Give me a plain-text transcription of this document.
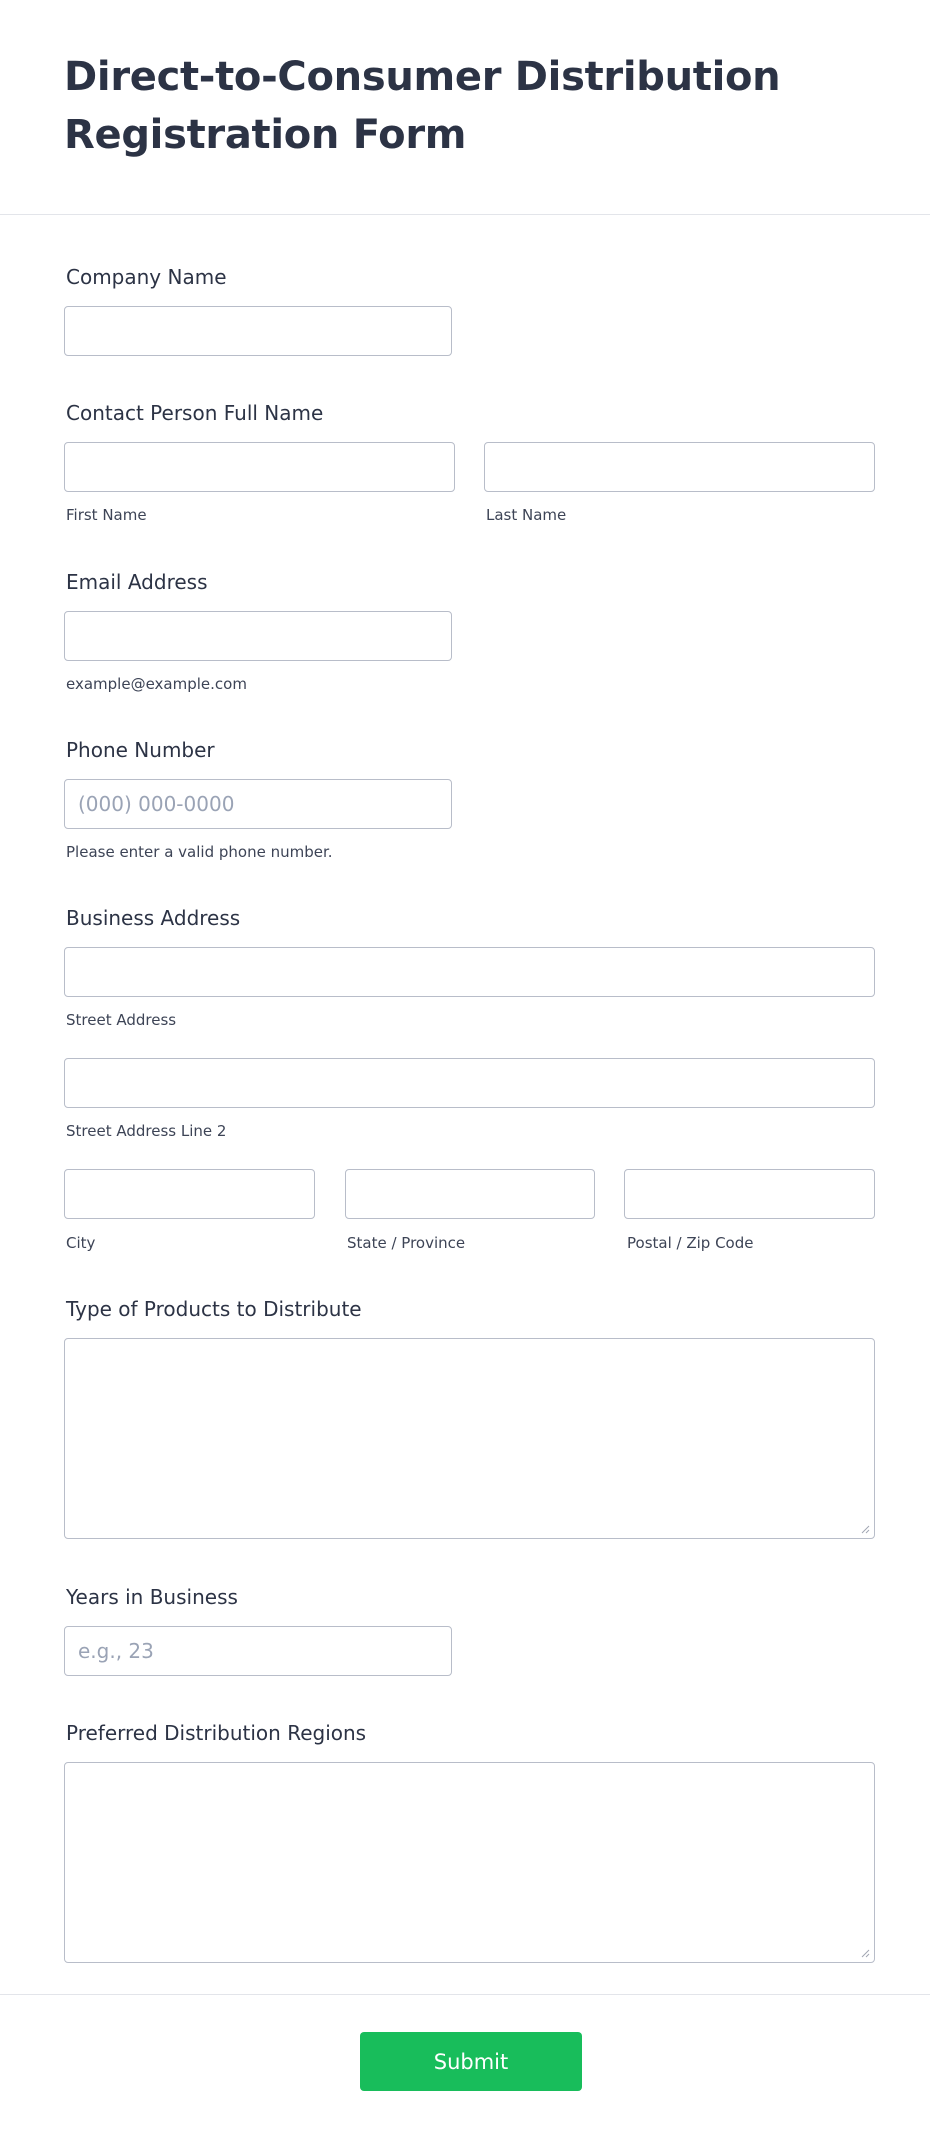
Direct-to-Consumer Distribution Registration Form
Company Name
Contact Person Full Name
First Name	Last Name
Email Address
example@example.com
Phone Number
(000) 000-0000
Please enter a valid phone number.
Business Address
Street Address
Street Address Line 2
City	State / Province	Postal / Zip Code
Type of Products to Distribute
Years in Business
e.g., 23
Preferred Distribution Regions
Submit
